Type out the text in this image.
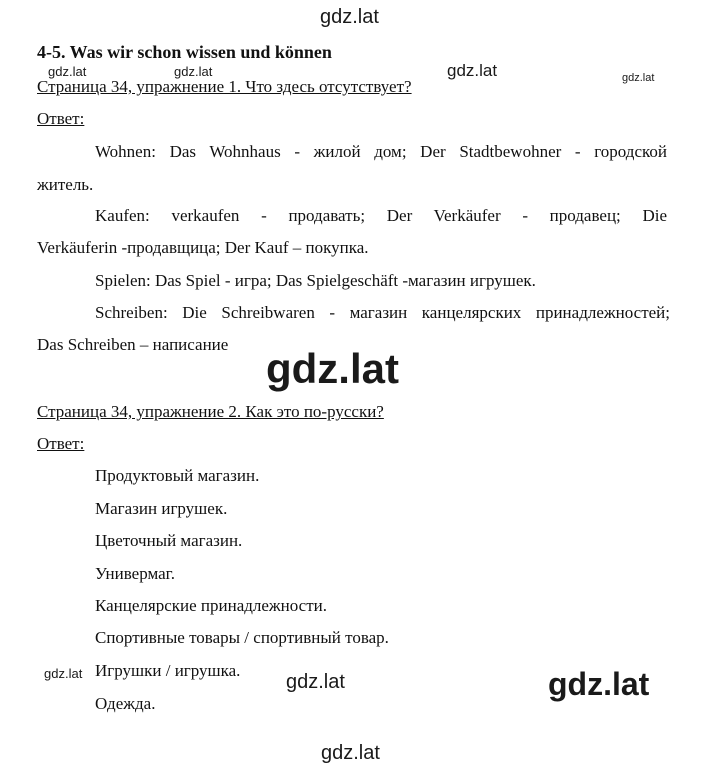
gdz.lat
gdz.lat	gdz.lat	gdz.lat	gdz.lat
4-5. Was wir schon wissen und können
Страница 34, упражнение 1. Что здесь отсутствует?
Ответ:
Wohnen: Das Wohnhaus - жилой дом; Der Stadtbewohner - городской
житель.
Kaufen: verkaufen - продавать; Der Verkäufer - продавец; Die
Verkäuferin -продавщица; Der Kauf – покупка.
Spielen: Das Spiel - игра; Das Spielgeschäft -магазин игрушек.
Schreiben: Die Schreibwaren - магазин канцелярских принадлежностей;
Das Schreiben – написание
gdz.lat
Страница 34, упражнение 2. Как это по-русски?
Ответ:
Продуктовый магазин.
Магазин игрушек.
Цветочный магазин.
Универмаг.
Канцелярские принадлежности.
Спортивные товары / спортивный товар.
Игрушки / игрушка.
Одежда.
gdz.lat	gdz.lat	gdz.lat
gdz.lat
